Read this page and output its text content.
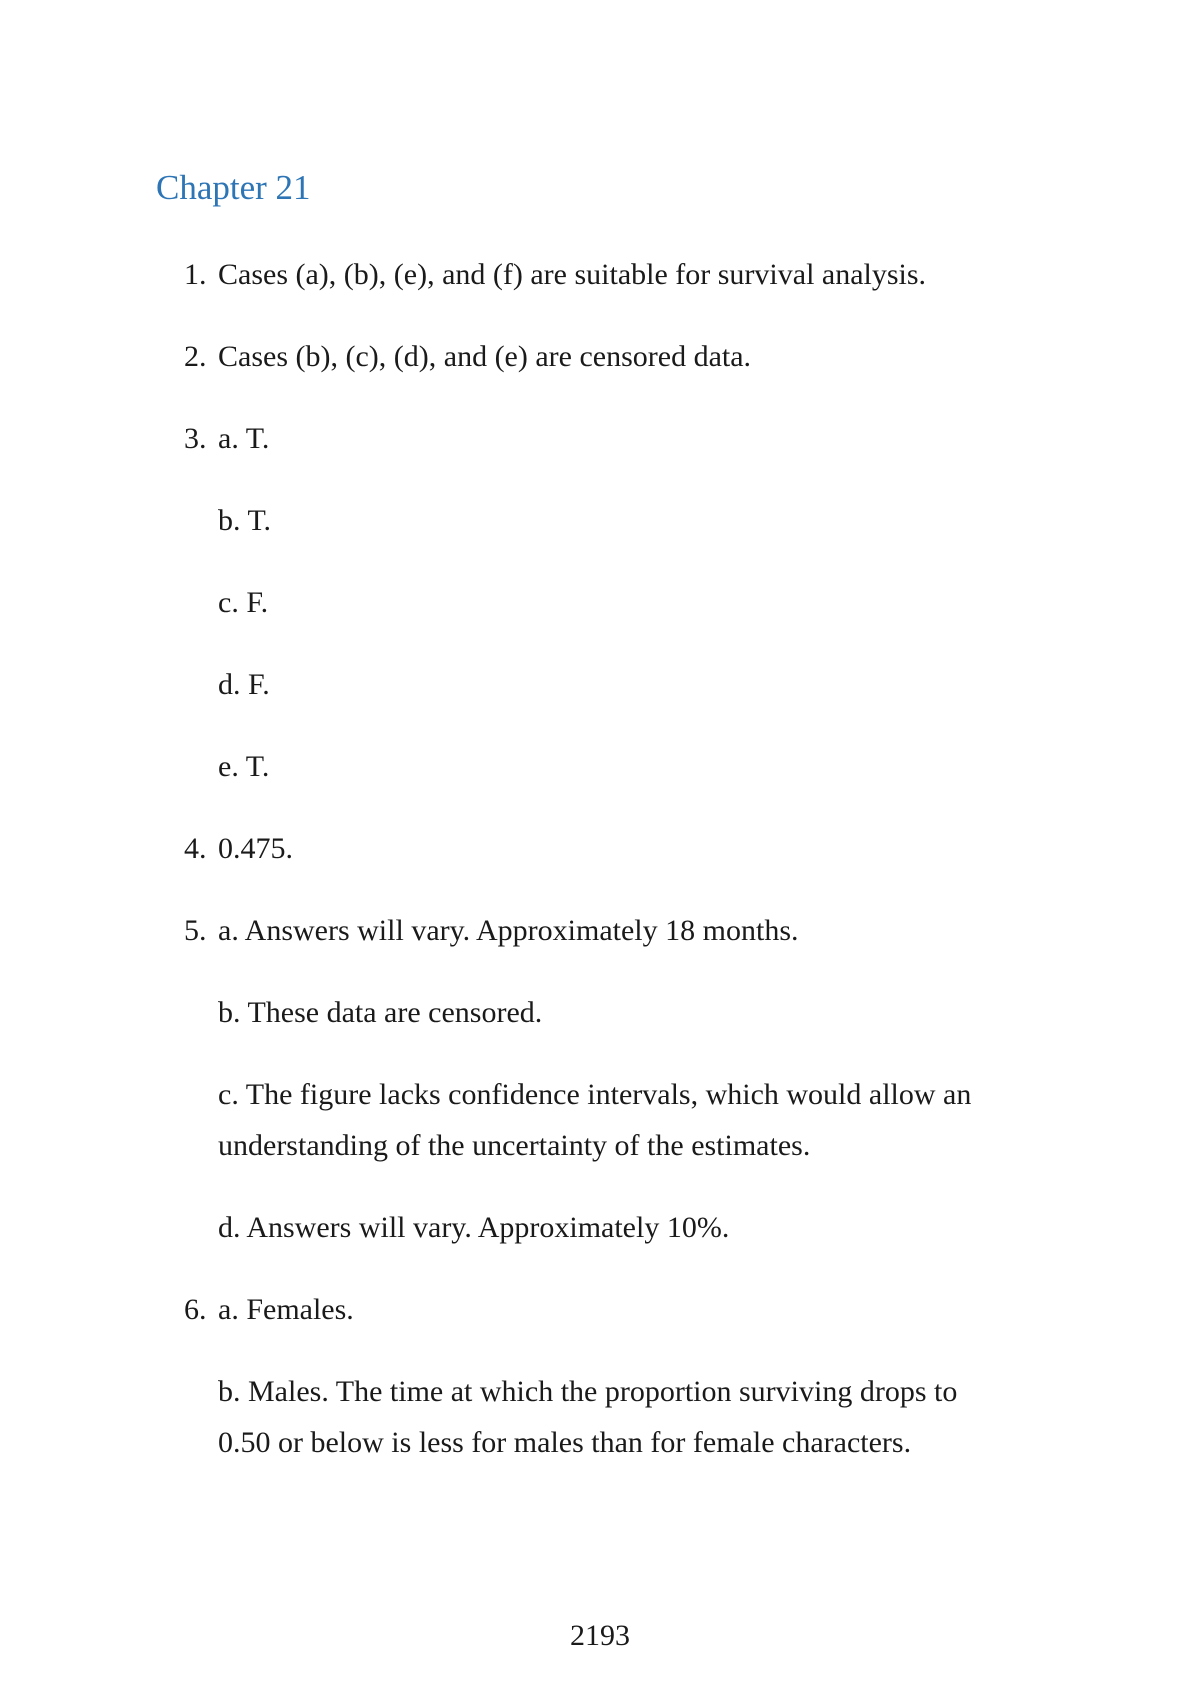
Chapter 21
1. Cases (a), (b), (e), and (f) are suitable for survival analysis.
2. Cases (b), (c), (d), and (e) are censored data.
3. a. T.
b. T.
c. F.
d. F.
e. T.
4. 0.475.
5. a. Answers will vary. Approximately 18 months.
b. These data are censored.
c. The figure lacks confidence intervals, which would allow an
understanding of the uncertainty of the estimates.
d. Answers will vary. Approximately 10%.
6. a. Females.
b. Males. The time at which the proportion surviving drops to
0.50 or below is less for males than for female characters.
2193
